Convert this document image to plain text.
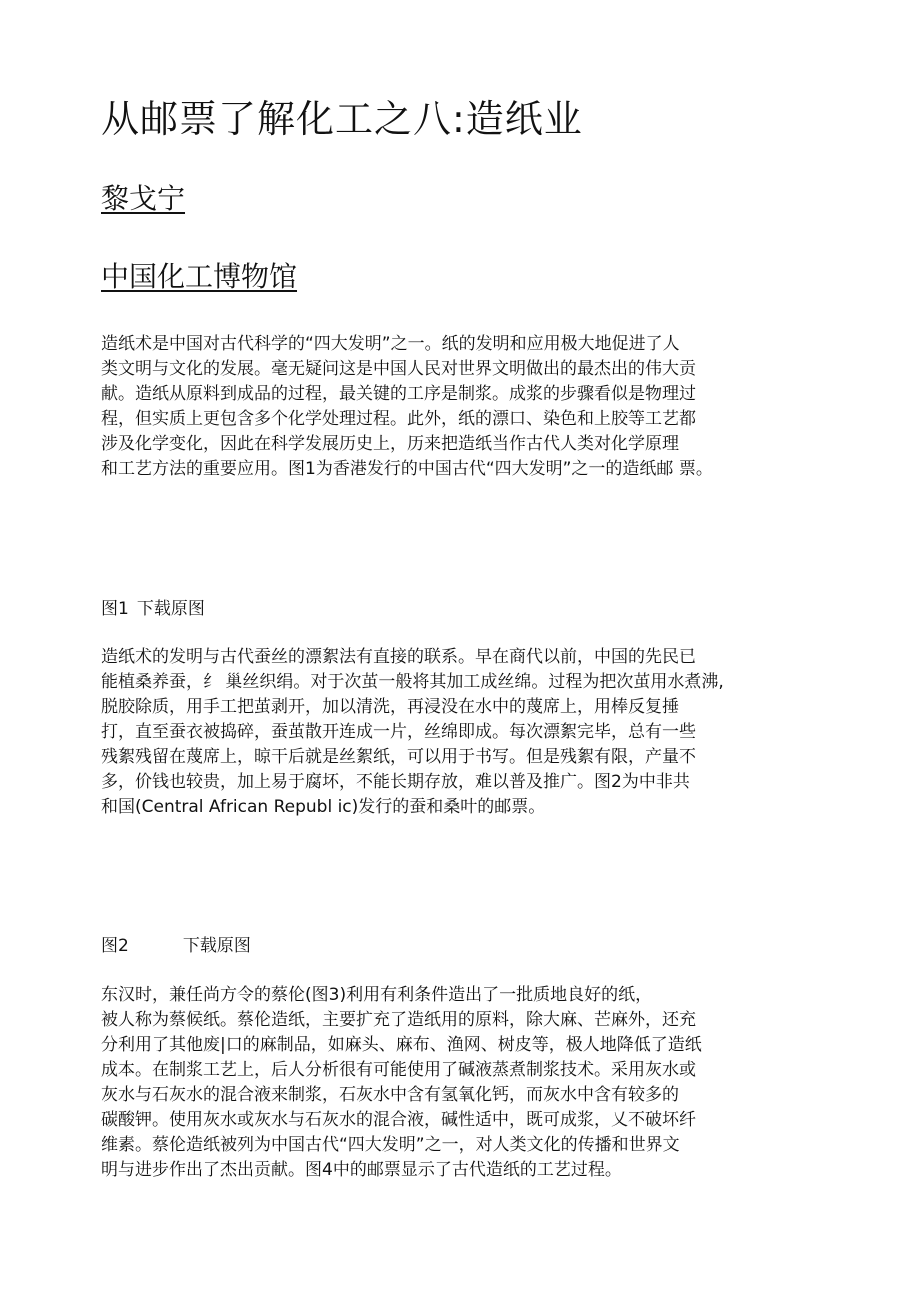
从邮票了解化工之八:造纸业
黎戈宁
中国化工博物馆
造纸术是中国对古代科学的“四大发明”之一。纸的发明和应用极大地促进了人
类文明与文化的发展。毫无疑问这是中国人民对世界文明做出的最杰出的伟大贡
献。造纸从原料到成品的过程，最关键的工序是制浆。成浆的步骤看似是物理过
程，但实质上更包含多个化学处理过程。此外，纸的漂口、染色和上胶等工艺都
涉及化学变化，因此在科学发展历史上，历来把造纸当作古代人类对化学原理
和工艺方法的重要应用。图1为香港发行的中国古代“四大发明”之一的造纸邮 票。
图1 下载原图
造纸术的发明与古代蚕丝的漂絮法有直接的联系。早在商代以前，中国的先民已
能植桑养蚕，纟 巢丝织绢。对于次茧一般将其加工成丝绵。过程为把次茧用水煮沸,
脱胶除质，用手工把茧剥开，加以清洗，再浸没在水中的蔑席上，用棒反复捶
打，直至蚕衣被捣碎，蚕茧散开连成一片，丝绵即成。每次漂絮完毕，总有一些
残絮残留在蔑席上，晾干后就是丝絮纸，可以用于书写。但是残絮有限，产量不
多，价钱也较贵，加上易于腐坏，不能长期存放，难以普及推广。图2为中非共
和国(Central African Republ ic)发行的蚕和桑叶的邮票。
图2	下载原图
东汉时，兼任尚方令的蔡伦(图3)利用有利条件造出了一批质地良好的纸，
被人称为蔡候纸。蔡伦造纸，主要扩充了造纸用的原料，除大麻、芒麻外，还充
分利用了其他废|口的麻制品，如麻头、麻布、渔网、树皮等，极人地降低了造纸
成本。在制浆工艺上，后人分析很有可能使用了碱液蒸煮制浆技术。采用灰水或
灰水与石灰水的混合液来制浆，石灰水中含有氢氧化钙，而灰水中含有较多的
碳酸钾。使用灰水或灰水与石灰水的混合液，碱性适中，既可成浆，乂不破坏纤
维素。蔡伦造纸被列为中国古代“四大发明”之一，对人类文化的传播和世界文
明与进步作出了杰出贡献。图4中的邮票显示了古代造纸的工艺过程。
